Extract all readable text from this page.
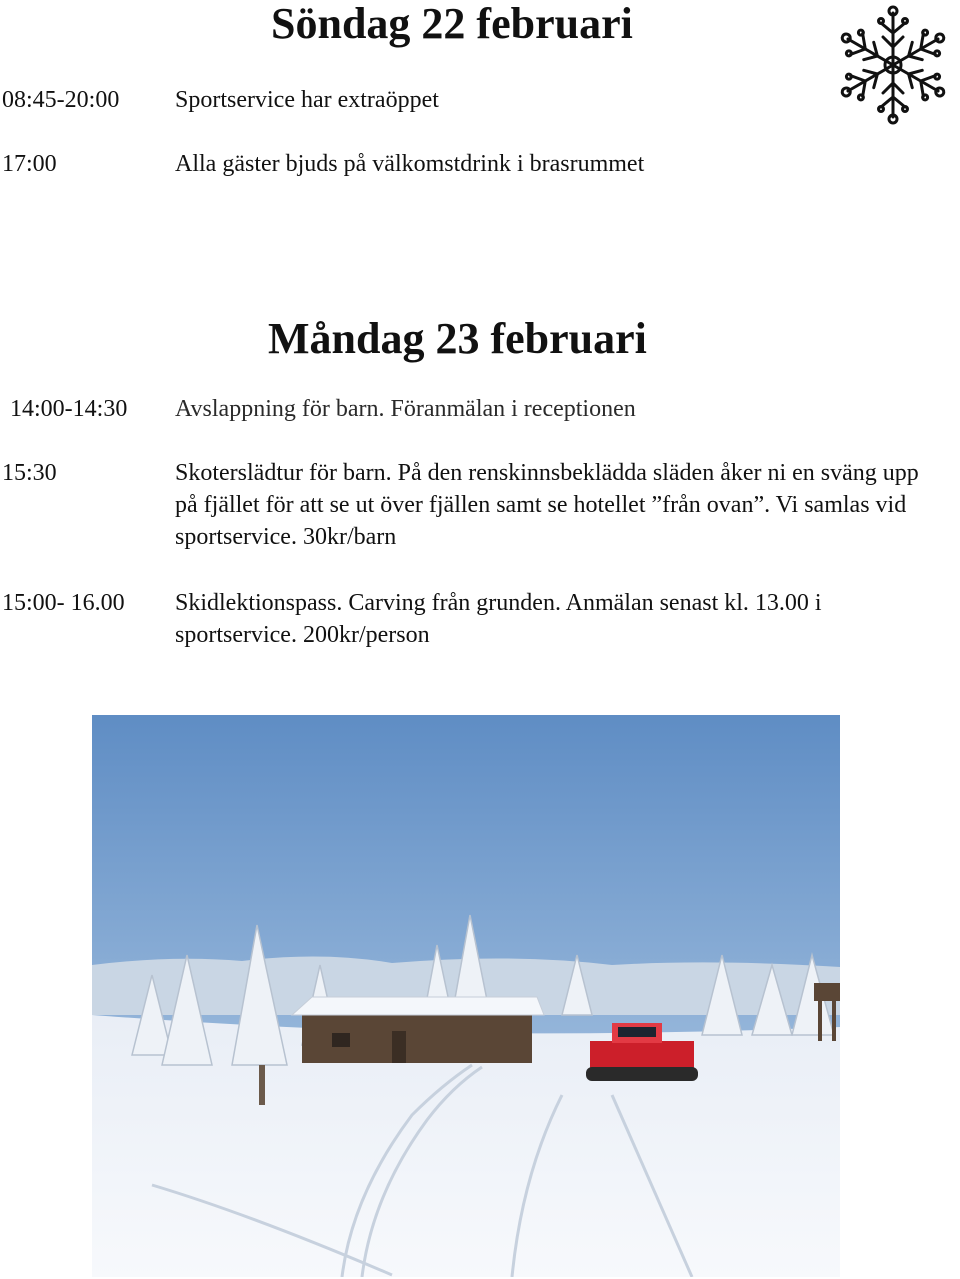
Söndag 22 februari
08:45-20:00 Sportservice har extraöppet
17:00	Alla gäster bjuds på välkomstdrink i brasrummet
Måndag 23 februari
14:00-14:30 Avslappning för barn. Föranmälan i receptionen
15:30	Skoterslädtur för barn. På den renskinnsbeklädda släden åker ni en sväng upp på fjället för att se ut över fjällen samt se hotellet ”från ovan”. Vi samlas vid sportservice. 30kr/barn
15:00- 16.00 Skidlektionspass. Carving från grunden. Anmälan senast kl. 13.00 i sportservice. 200kr/person
